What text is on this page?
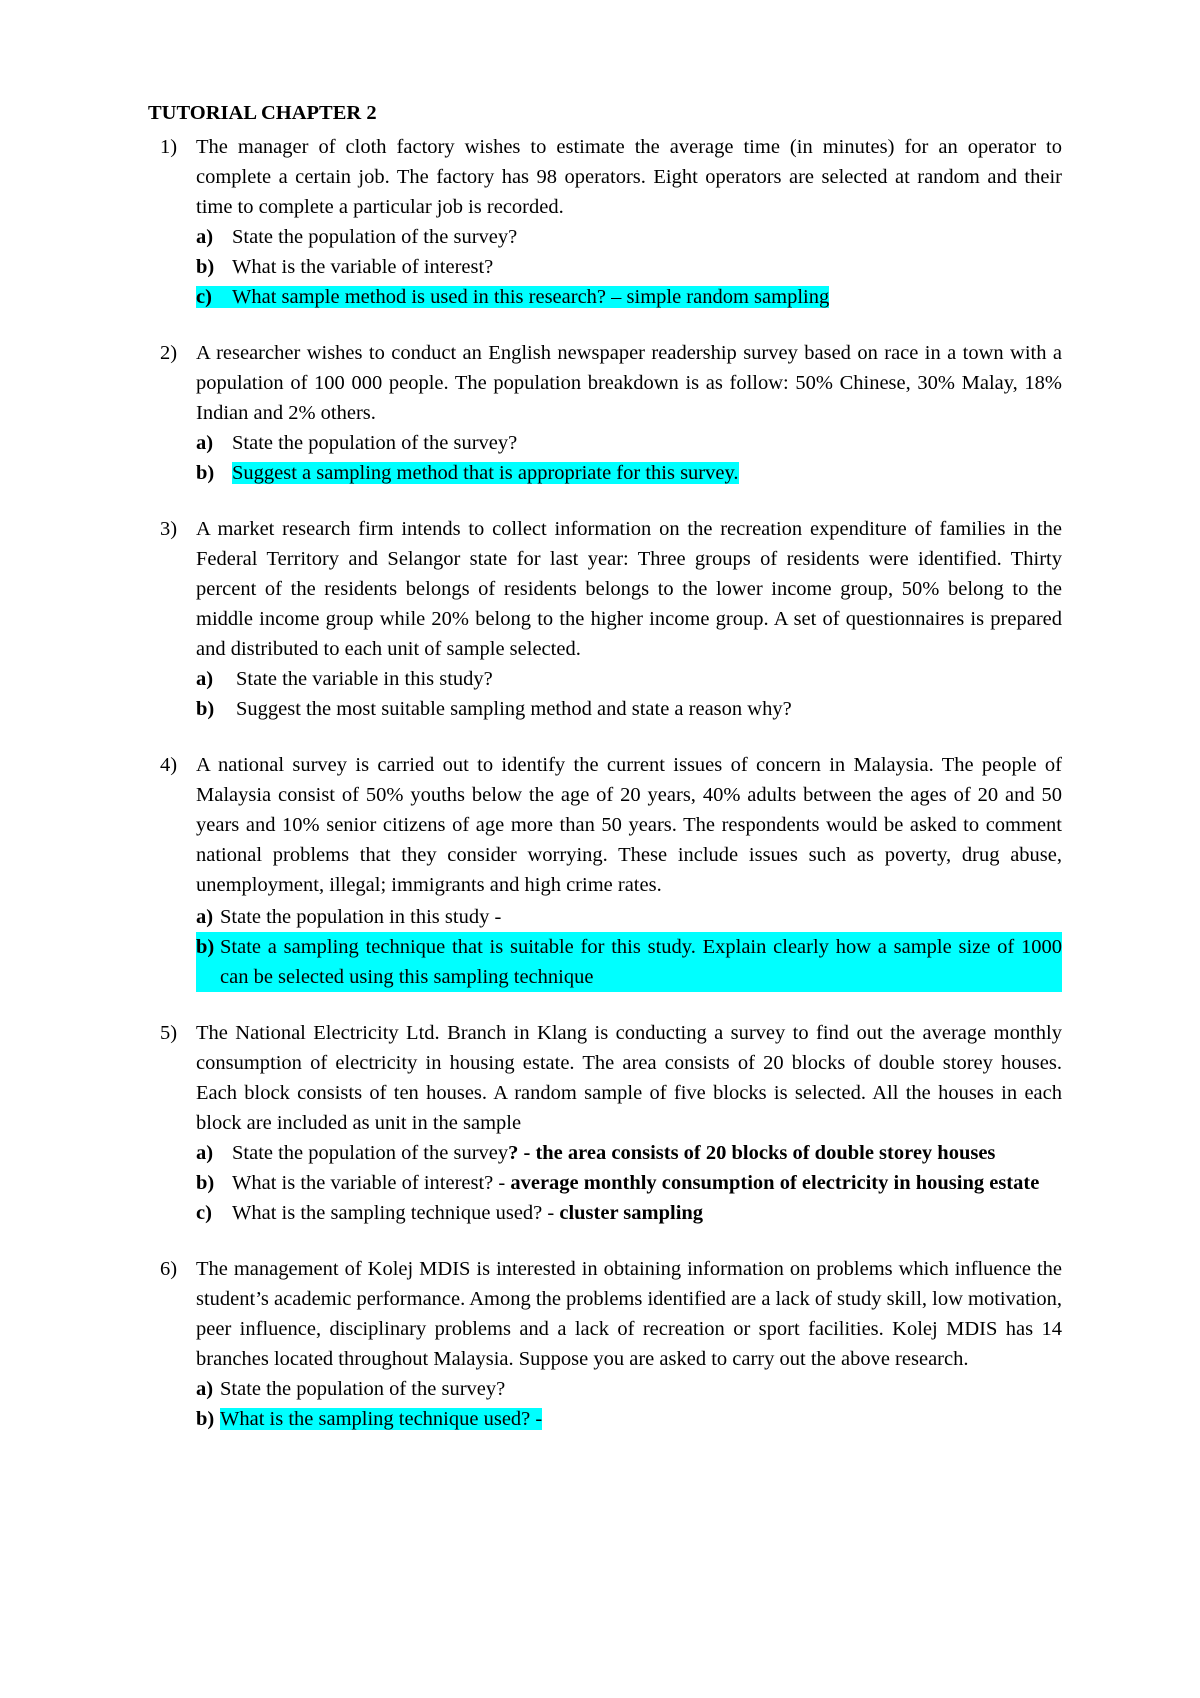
TUTORIAL CHAPTER 2
1) The manager of cloth factory wishes to estimate the average time (in minutes) for an operator to complete a certain job. The factory has 98 operators. Eight operators are selected at random and their time to complete a particular job is recorded.
a) State the population of the survey?
b) What is the variable of interest?
c) What sample method is used in this research? – simple random sampling
2) A researcher wishes to conduct an English newspaper readership survey based on race in a town with a population of 100 000 people. The population breakdown is as follow: 50% Chinese, 30% Malay, 18% Indian and 2% others.
a) State the population of the survey?
b) Suggest a sampling method that is appropriate for this survey.
3) A market research firm intends to collect information on the recreation expenditure of families in the Federal Territory and Selangor state for last year: Three groups of residents were identified. Thirty percent of the residents belongs of residents belongs to the lower income group, 50% belong to the middle income group while 20% belong to the higher income group. A set of questionnaires is prepared and distributed to each unit of sample selected.
a) State the variable in this study?
b) Suggest the most suitable sampling method and state a reason why?
4) A national survey is carried out to identify the current issues of concern in Malaysia. The people of Malaysia consist of 50% youths below the age of 20 years, 40% adults between the ages of 20 and 50 years and 10% senior citizens of age more than 50 years. The respondents would be asked to comment national problems that they consider worrying. These include issues such as poverty, drug abuse, unemployment, illegal; immigrants and high crime rates.
a) State the population in this study -
b) State a sampling technique that is suitable for this study. Explain clearly how a sample size of 1000 can be selected using this sampling technique
5) The National Electricity Ltd. Branch in Klang is conducting a survey to find out the average monthly consumption of electricity in housing estate. The area consists of 20 blocks of double storey houses. Each block consists of ten houses. A random sample of five blocks is selected. All the houses in each block are included as unit in the sample
a) State the population of the survey? - the area consists of 20 blocks of double storey houses
b) What is the variable of interest? - average monthly consumption of electricity in housing estate
c) What is the sampling technique used? - cluster sampling
6) The management of Kolej MDIS is interested in obtaining information on problems which influence the student’s academic performance. Among the problems identified are a lack of study skill, low motivation, peer influence, disciplinary problems and a lack of recreation or sport facilities. Kolej MDIS has 14 branches located throughout Malaysia. Suppose you are asked to carry out the above research.
a) State the population of the survey?
b) What is the sampling technique used? -
